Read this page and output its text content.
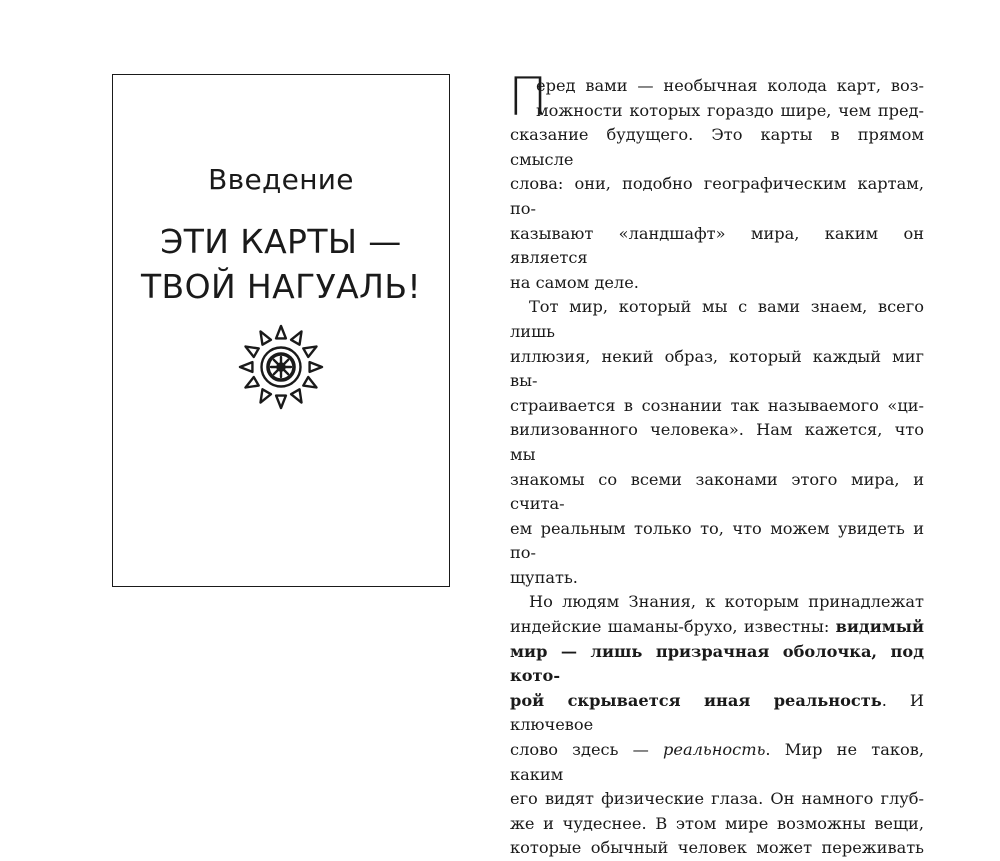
Введение
ЭТИ КАРТЫ —
ТВОЙ НАГУАЛЬ!

П
еред вами — необычная колода карт, воз-
можности которых гораздо шире, чем пред-
сказание будущего. Это карты в прямом смысле
слова: они, подобно географическим картам, по-
казывают «ландшафт» мира, каким он является
на самом деле.

Тот мир, который мы с вами знаем, всего лишь
иллюзия, некий образ, который каждый миг вы-
страивается в сознании так называемого «ци-
вилизованного человека». Нам кажется, что мы
знакомы со всеми законами этого мира, и счита-
ем реальным только то, что можем увидеть и по-
щупать.

Но людям Знания, к которым принадлежат
индейские шаманы-брухо, известны: видимый
мир — лишь призрачная оболочка, под кото-
рой скрывается иная реальность. И ключевое
слово здесь — реальность. Мир не таков, каким
его видят физические глаза. Он намного глуб-
же и чудеснее. В этом мире возможны вещи,
которые обычный человек может переживать
